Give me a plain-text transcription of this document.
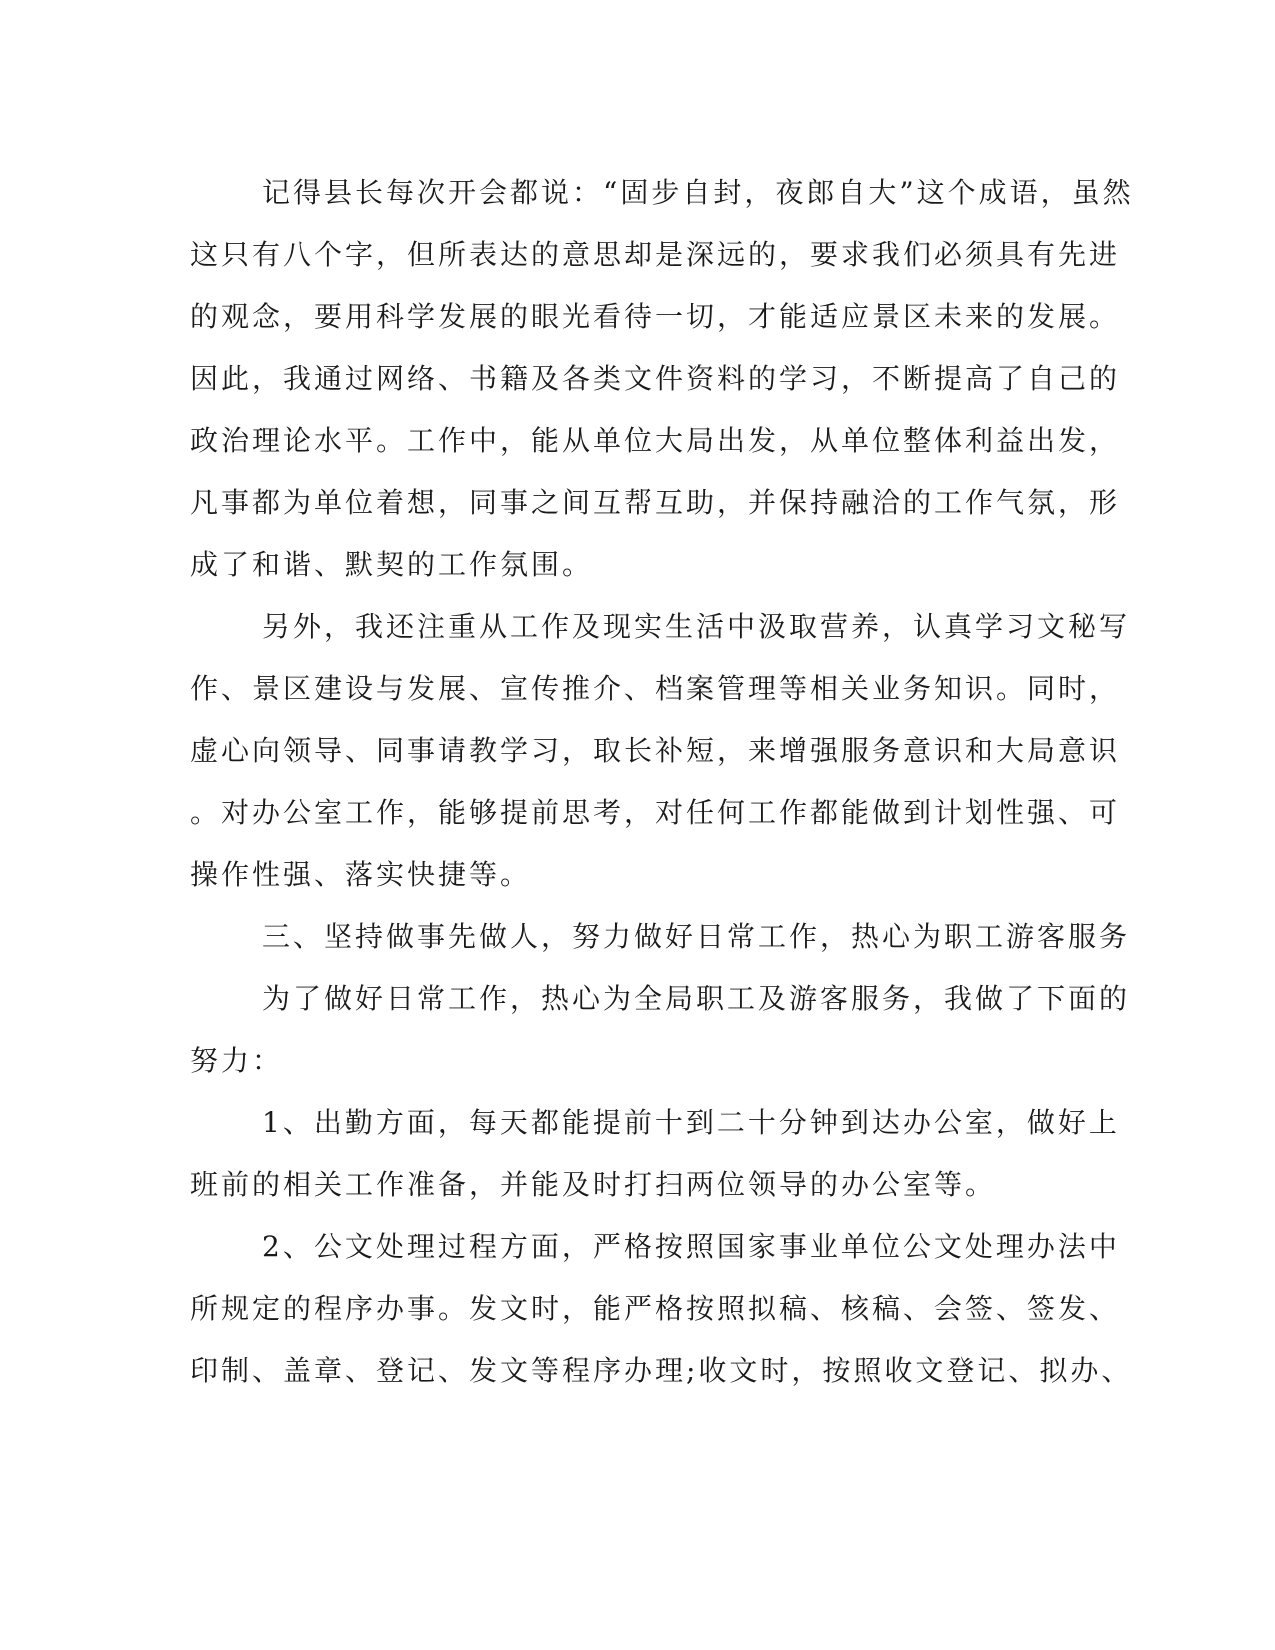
记得县长每次开会都说：“固步自封，夜郎自大”这个成语，虽然
这只有八个字，但所表达的意思却是深远的，要求我们必须具有先进
的观念，要用科学发展的眼光看待一切，才能适应景区未来的发展。
因此，我通过网络、书籍及各类文件资料的学习，不断提高了自己的
政治理论水平。工作中，能从单位大局出发，从单位整体利益出发，
凡事都为单位着想，同事之间互帮互助，并保持融洽的工作气氛，形
成了和谐、默契的工作氛围。
另外，我还注重从工作及现实生活中汲取营养，认真学习文秘写
作、景区建设与发展、宣传推介、档案管理等相关业务知识。同时，
虚心向领导、同事请教学习，取长补短，来增强服务意识和大局意识
。对办公室工作，能够提前思考，对任何工作都能做到计划性强、可
操作性强、落实快捷等。
三、坚持做事先做人，努力做好日常工作，热心为职工游客服务
为了做好日常工作，热心为全局职工及游客服务，我做了下面的
努力：
1、出勤方面，每天都能提前十到二十分钟到达办公室，做好上
班前的相关工作准备，并能及时打扫两位领导的办公室等。
2、公文处理过程方面，严格按照国家事业单位公文处理办法中
所规定的程序办事。发文时，能严格按照拟稿、核稿、会签、签发、
印制、盖章、登记、发文等程序办理;收文时，按照收文登记、拟办、
